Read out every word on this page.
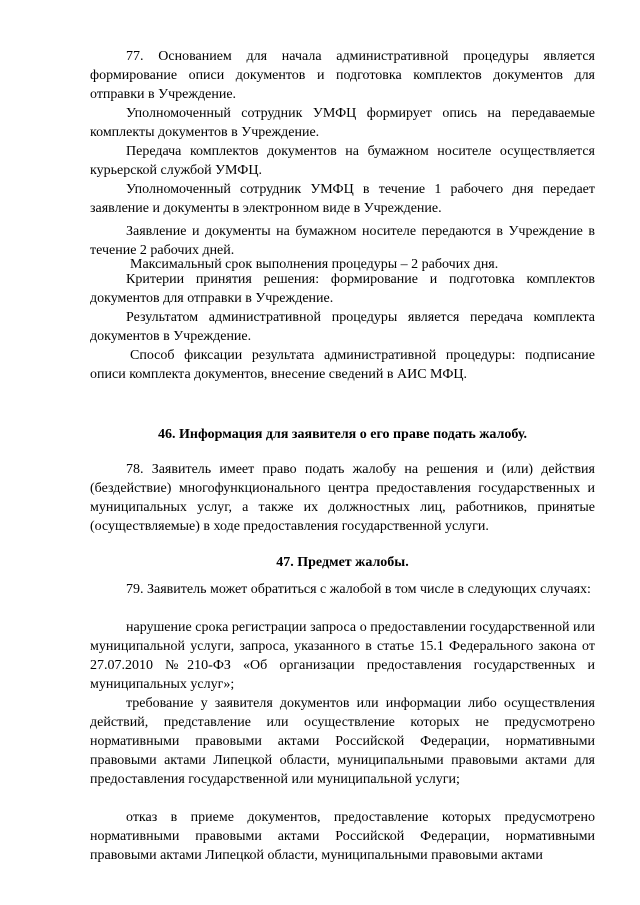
77. Основанием для начала административной процедуры является формирование описи документов и подготовка комплектов документов для отправки в Учреждение.

Уполномоченный сотрудник УМФЦ формирует опись на передаваемые комплекты документов в Учреждение.

Передача комплектов документов на бумажном носителе осуществляется курьерской службой УМФЦ.

Уполномоченный сотрудник УМФЦ в течение 1 рабочего дня передает заявление и документы в электронном виде в Учреждение.

Заявление и документы на бумажном носителе передаются в Учреждение в течение 2 рабочих дней.

Максимальный срок выполнения процедуры – 2 рабочих дня.

Критерии принятия решения: формирование и подготовка комплектов документов для отправки в Учреждение.

Результатом административной процедуры является передача комплекта документов в Учреждение.

Способ фиксации результата административной процедуры: подписание описи комплекта документов, внесение сведений в АИС МФЦ.

46. Информация для заявителя о его праве подать жалобу.

78. Заявитель имеет право подать жалобу на решения и (или) действия (бездействие) многофункционального центра предоставления государственных и муниципальных услуг, а также их должностных лиц, работников, принятые (осуществляемые) в ходе предоставления государственной услуги.

47. Предмет жалобы.

79. Заявитель может обратиться с жалобой в том числе в следующих случаях:

нарушение срока регистрации запроса о предоставлении государственной или муниципальной услуги, запроса, указанного в статье 15.1 Федерального закона от 27.07.2010 №210-ФЗ «Об организации предоставления государственных и муниципальных услуг»;

требование у заявителя документов или информации либо осуществления действий, представление или осуществление которых не предусмотрено нормативными правовыми актами Российской Федерации, нормативными правовыми актами Липецкой области, муниципальными правовыми актами для предоставления государственной или муниципальной услуги;

отказ в приеме документов, предоставление которых предусмотрено нормативными правовыми актами Российской Федерации, нормативными правовыми актами Липецкой области, муниципальными правовыми актами
